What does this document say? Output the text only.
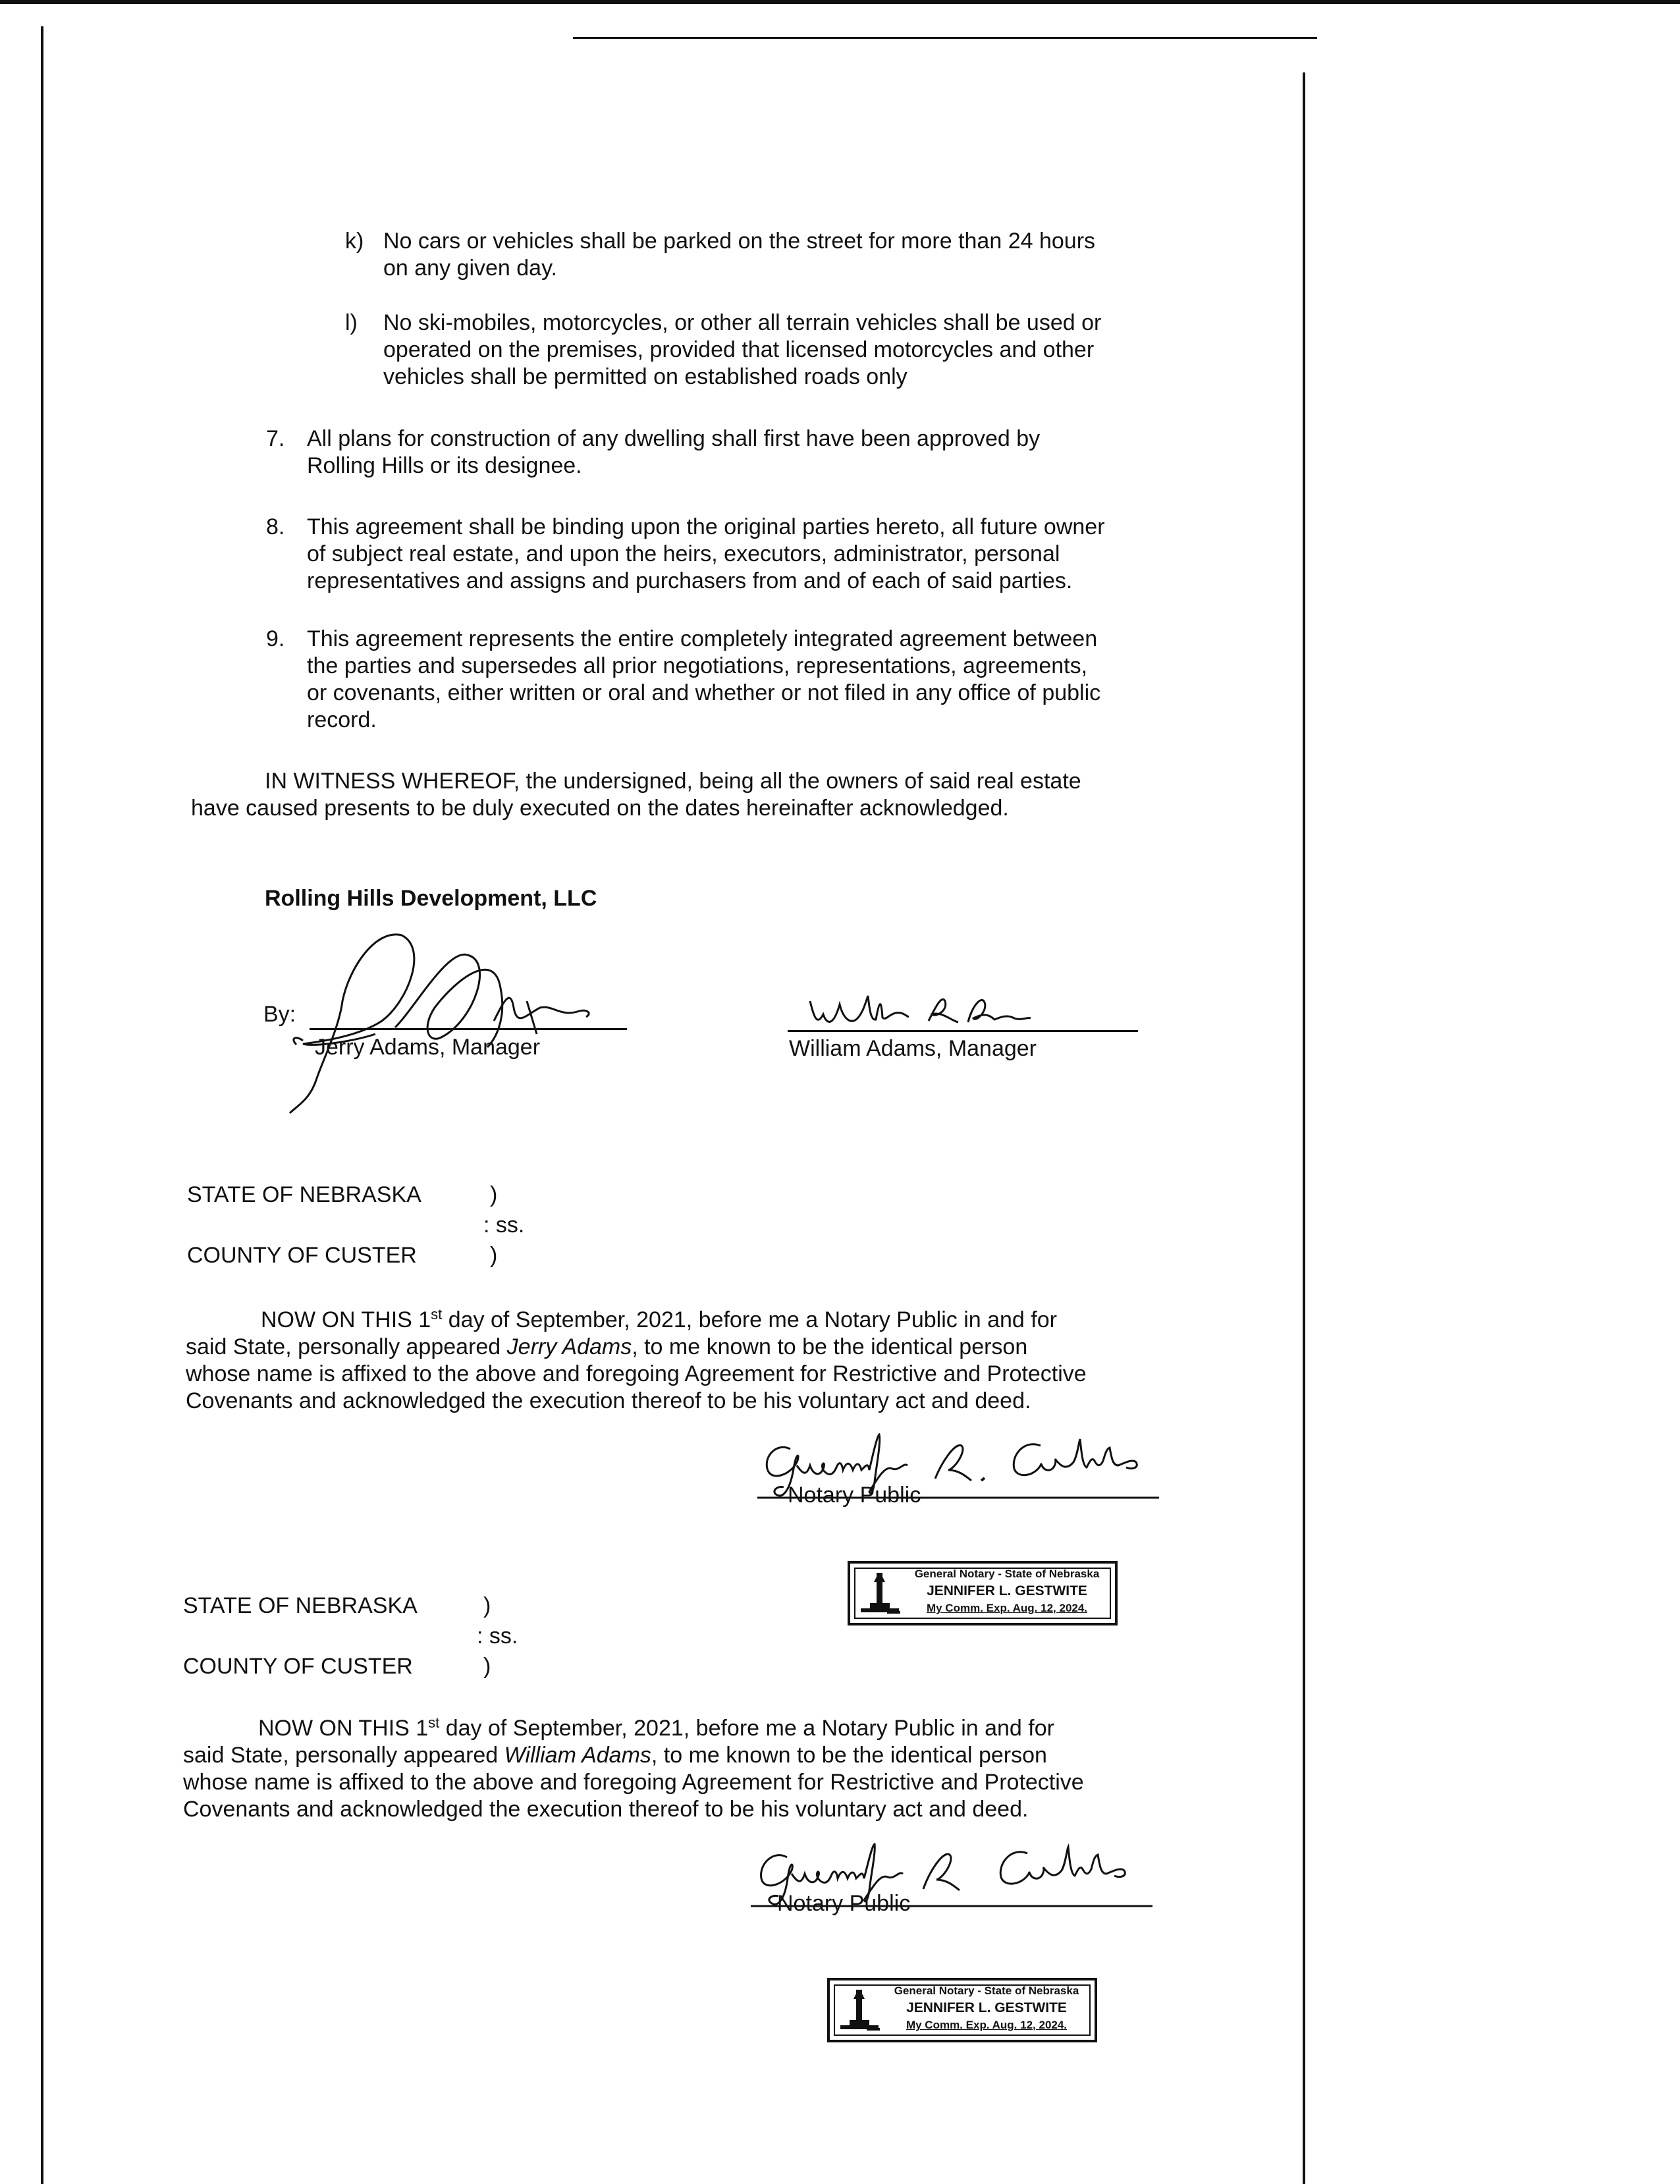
k) No cars or vehicles shall be parked on the street for more than 24 hours
on any given day.
l) No ski-mobiles, motorcycles, or other all terrain vehicles shall be used or
operated on the premises, provided that licensed motorcycles and other
vehicles shall be permitted on established roads only
7. All plans for construction of any dwelling shall first have been approved by
Rolling Hills or its designee.
8. This agreement shall be binding upon the original parties hereto, all future owner
of subject real estate, and upon the heirs, executors, administrator, personal
representatives and assigns and purchasers from and of each of said parties.
9. This agreement represents the entire completely integrated agreement between
the parties and supersedes all prior negotiations, representations, agreements,
or covenants, either written or oral and whether or not filed in any office of public
record.
IN WITNESS WHEREOF, the undersigned, being all the owners of said real estate
have caused presents to be duly executed on the dates hereinafter acknowledged.
Rolling Hills Development, LLC
By:
Jerry Adams, Manager	William Adams, Manager
STATE OF NEBRASKA	)
: ss.
COUNTY OF CUSTER	)
NOW ON THIS 1st day of September, 2021, before me a Notary Public in and for
said State, personally appeared Jerry Adams, to me known to be the identical person
whose name is affixed to the above and foregoing Agreement for Restrictive and Protective
Covenants and acknowledged the execution thereof to be his voluntary act and deed.
Notary Public
General Notary - State of Nebraska
JENNIFER L. GESTWITE
My Comm. Exp. Aug. 12, 2024.
STATE OF NEBRASKA	)
: ss.
COUNTY OF CUSTER	)
NOW ON THIS 1st day of September, 2021, before me a Notary Public in and for
said State, personally appeared William Adams, to me known to be the identical person
whose name is affixed to the above and foregoing Agreement for Restrictive and Protective
Covenants and acknowledged the execution thereof to be his voluntary act and deed.
Notary Public
General Notary - State of Nebraska
JENNIFER L. GESTWITE
My Comm. Exp. Aug. 12, 2024.
